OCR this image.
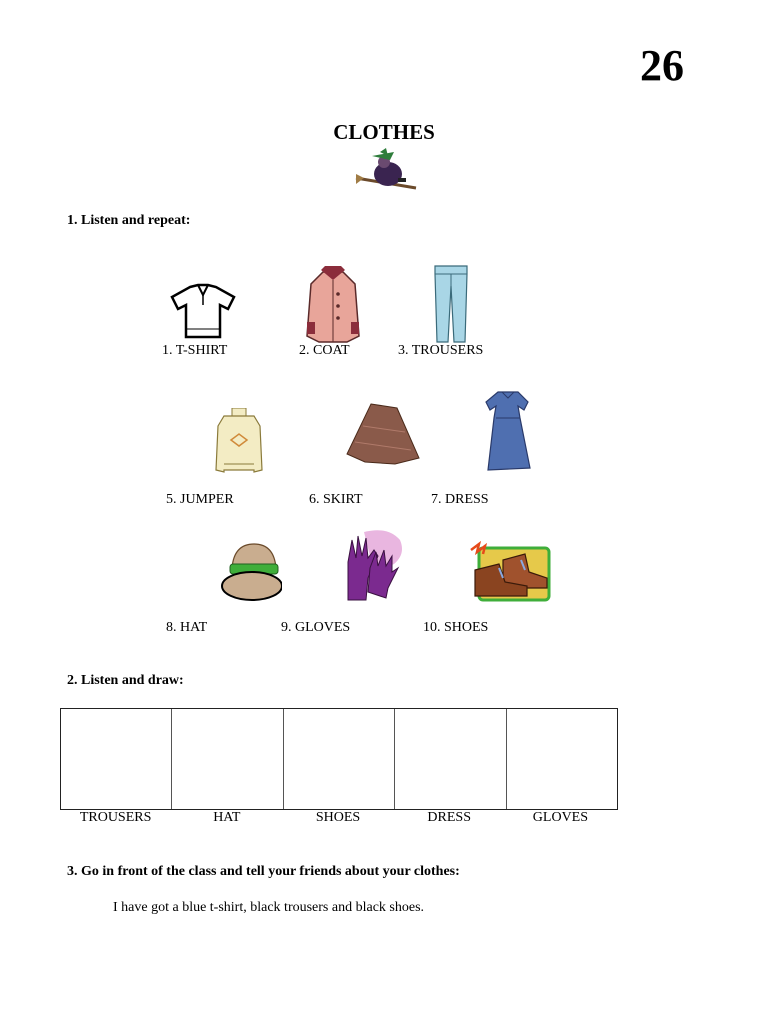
26
CLOTHES
1. Listen and repeat:
1. T-SHIRT	2. COAT	3. TROUSERS
5. JUMPER	6. SKIRT	7. DRESS
8. HAT	9. GLOVES	10. SHOES
2. Listen and draw:
TROUSERS	HAT	SHOES	DRESS	GLOVES
3. Go in front of the class and tell your friends about your clothes:
I have got a blue t-shirt, black trousers and black shoes.
